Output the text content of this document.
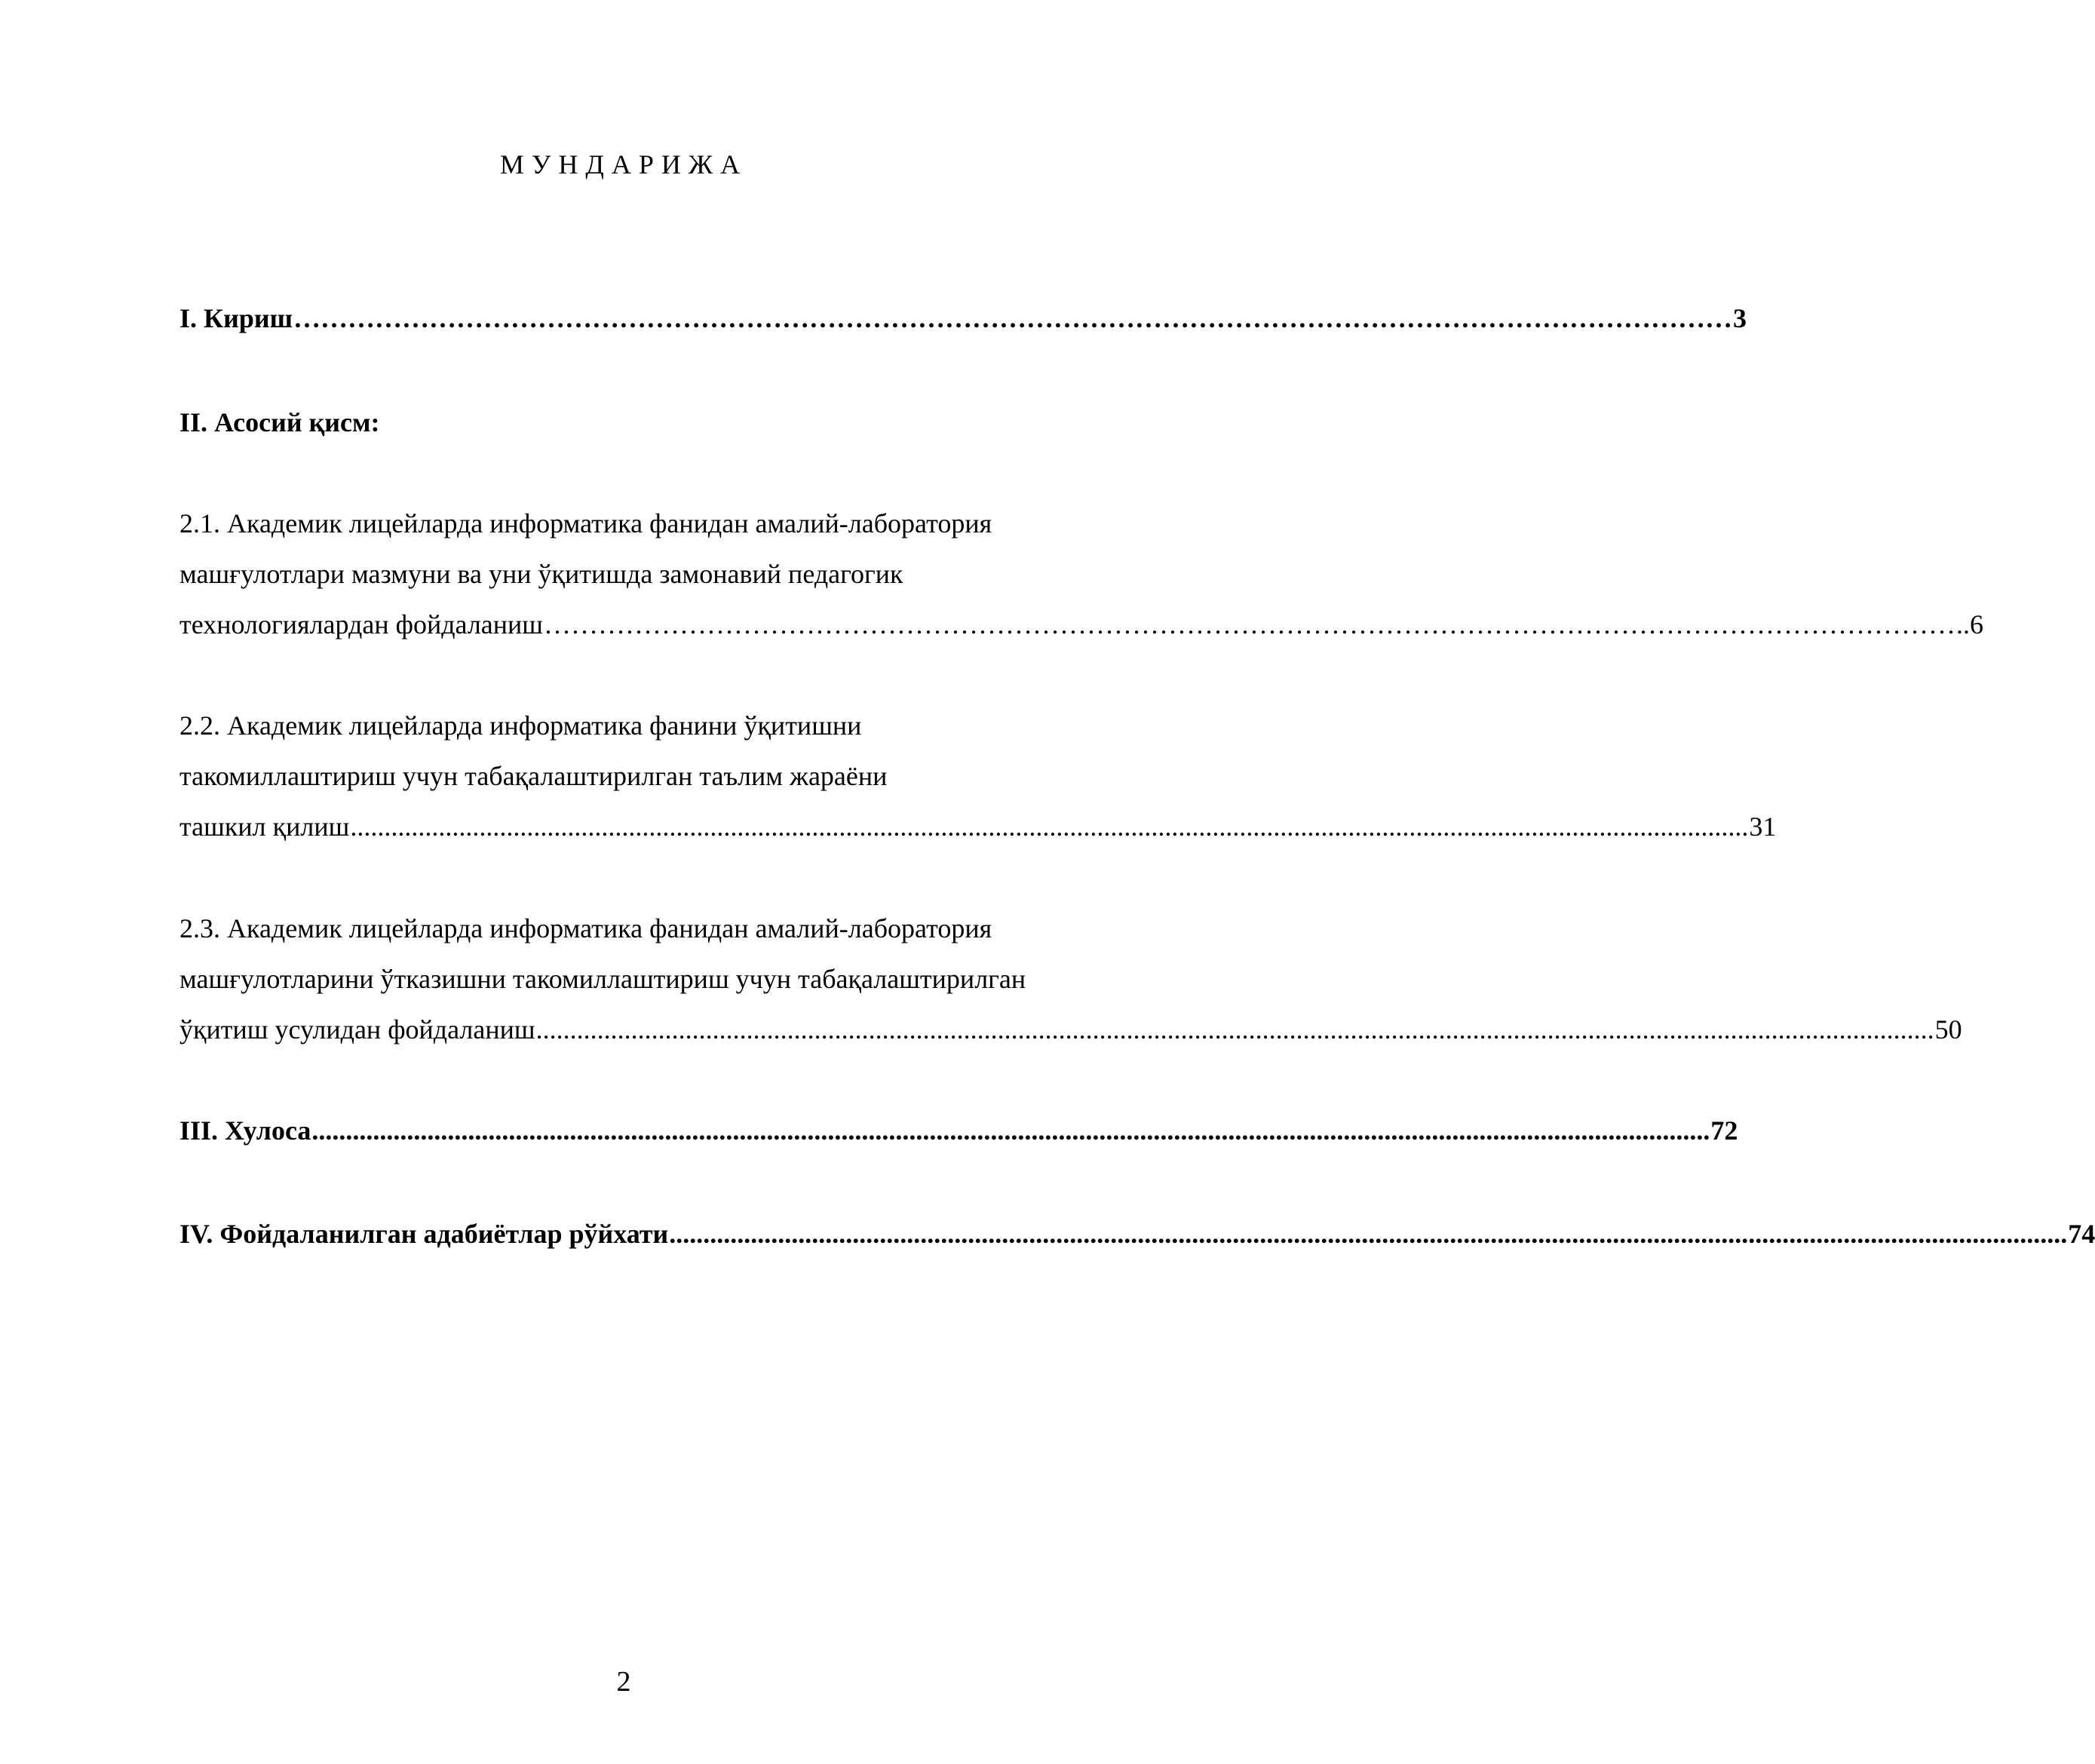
МУНДАРИЖА
I. Кириш …………………………………………………………………………………………………………………………………………… 3
II. Асосий қисм:
2.1. Академик лицейларда информатика фанидан амалий-лаборатория
машғулотлари мазмуни ва уни ўқитишда замонавий педагогик
технологиялардан фойдаланиш ………………………………………………………………………………………………………………………………………… ..6
2.2. Академик лицейларда информатика фанини ўқитишни
такомиллаштириш учун табақалаштирилган таълим жараёни
ташкил қилиш .............................................................................................................................................................................................................. 31
2.3. Академик лицейларда информатика фанидан амалий-лаборатория
машғулотларини ўтказишни такомиллаштириш учун табақалаштирилган
ўқитиш усулидан фойдаланиш .............................................................................................................................................................................................................. 50
III. Хулоса .............................................................................................................................................................................................................. 72
IV. Фойдаланилган адабиётлар рўйхати .............................................................................................................................................................................................................. 74
2
